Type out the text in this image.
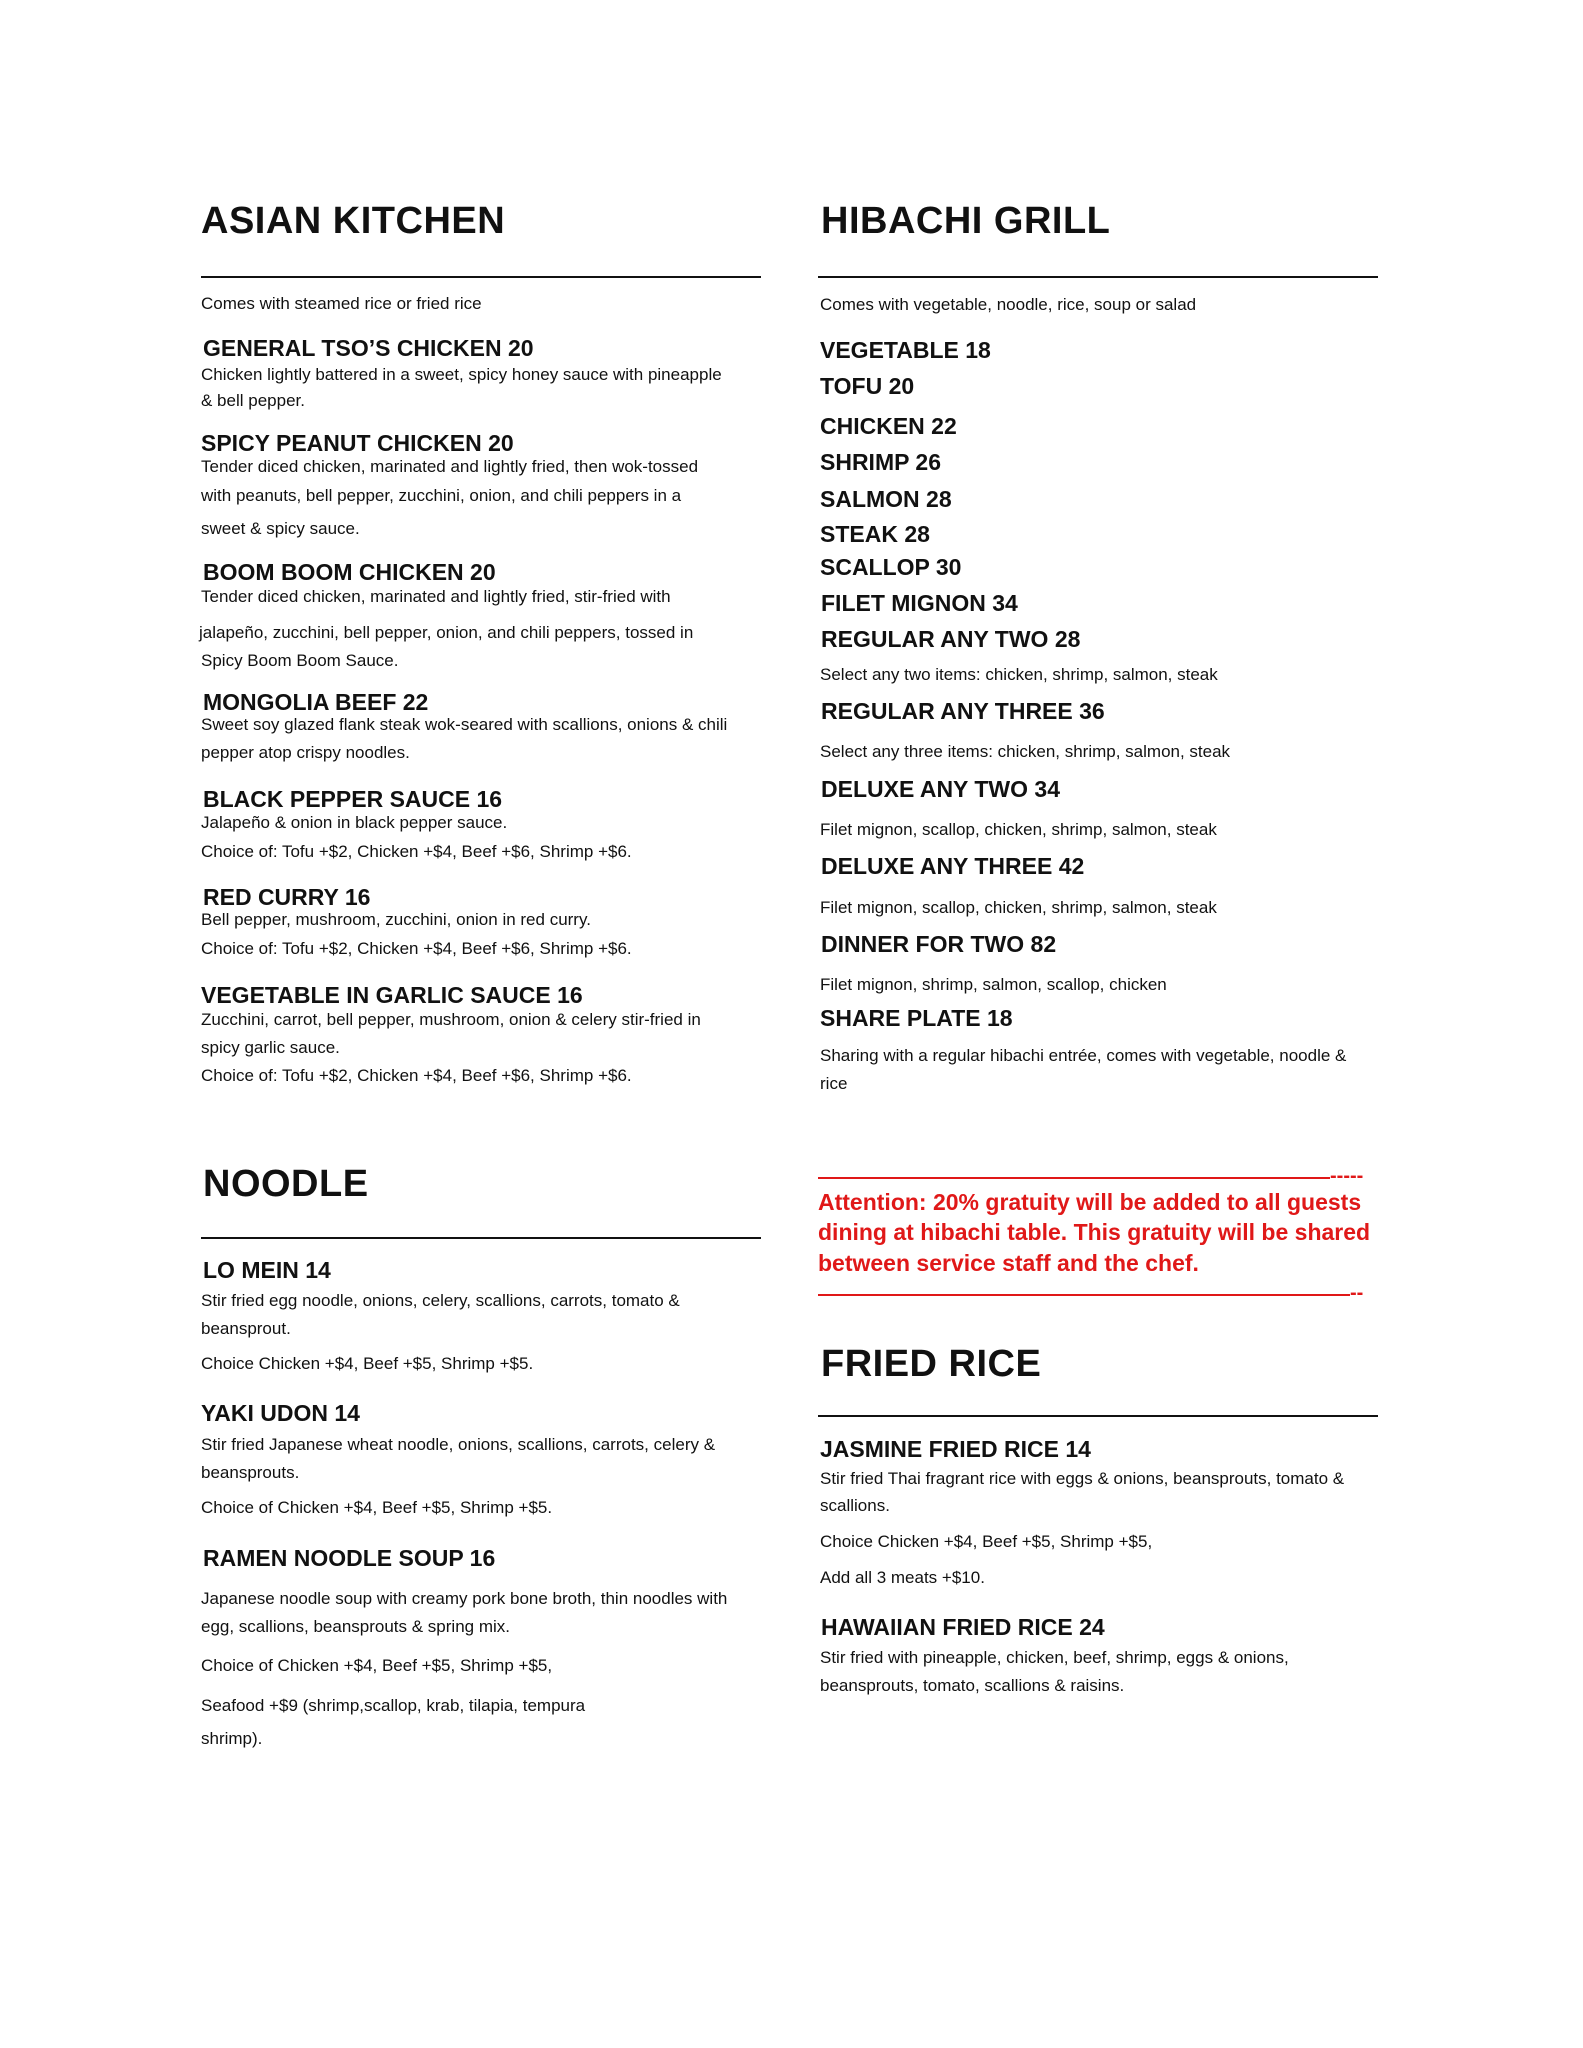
ASIAN KITCHEN

Comes with steamed rice or fried rice

GENERAL TSO’S CHICKEN 20

Chicken lightly battered in a sweet, spicy honey sauce with pineapple

& bell pepper.

SPICY PEANUT CHICKEN 20

Tender diced chicken, marinated and lightly fried, then wok-tossed

with peanuts, bell pepper, zucchini, onion, and chili peppers in a

sweet & spicy sauce.

BOOM BOOM CHICKEN 20

Tender diced chicken, marinated and lightly fried, stir-fried with

jalapeño, zucchini, bell pepper, onion, and chili peppers, tossed in

Spicy Boom Boom Sauce.

MONGOLIA BEEF 22

Sweet soy glazed flank steak wok-seared with scallions, onions & chili

pepper atop crispy noodles.

BLACK PEPPER SAUCE 16

Jalapeño & onion in black pepper sauce.

Choice of: Tofu +$2, Chicken +$4, Beef +$6, Shrimp +$6.

RED CURRY 16

Bell pepper, mushroom, zucchini, onion in red curry.

Choice of: Tofu +$2, Chicken +$4, Beef +$6, Shrimp +$6.

VEGETABLE IN GARLIC SAUCE 16

Zucchini, carrot, bell pepper, mushroom, onion & celery stir-fried in

spicy garlic sauce.

Choice of: Tofu +$2, Chicken +$4, Beef +$6, Shrimp +$6.

HIBACHI GRILL

Comes with vegetable, noodle, rice, soup or salad

VEGETABLE 18

TOFU 20

CHICKEN 22

SHRIMP 26

SALMON 28

STEAK 28

SCALLOP 30

FILET MIGNON 34

REGULAR ANY TWO 28

Select any two items: chicken, shrimp, salmon, steak

REGULAR ANY THREE 36

Select any three items: chicken, shrimp, salmon, steak

DELUXE ANY TWO 34

Filet mignon, scallop, chicken, shrimp, salmon, steak

DELUXE ANY THREE 42

Filet mignon, scallop, chicken, shrimp, salmon, steak

DINNER FOR TWO 82

Filet mignon, shrimp, salmon, scallop, chicken

SHARE PLATE 18

Sharing with a regular hibachi entrée, comes with vegetable, noodle &

rice

NOODLE

LO MEIN 14

Stir fried egg noodle, onions, celery, scallions, carrots, tomato &

beansprout.

Choice Chicken +$4, Beef +$5, Shrimp +$5.

YAKI UDON 14

Stir fried Japanese wheat noodle, onions, scallions, carrots, celery &

beansprouts.

Choice of Chicken +$4, Beef +$5, Shrimp +$5.

RAMEN NOODLE SOUP 16

Japanese noodle soup with creamy pork bone broth, thin noodles with

egg, scallions, beansprouts & spring mix.

Choice of Chicken +$4, Beef +$5, Shrimp +$5,

Seafood +$9 (shrimp,scallop, krab, tilapia, tempura

shrimp).

-----

Attention: 20% gratuity will be added to all guests

dining at hibachi table. This gratuity will be shared

between service staff and the chef.

--
FRIED RICE

JASMINE FRIED RICE 14

Stir fried Thai fragrant rice with eggs & onions, beansprouts, tomato &

scallions.

Choice Chicken +$4, Beef +$5, Shrimp +$5,

Add all 3 meats +$10.

HAWAIIAN FRIED RICE 24

Stir fried with pineapple, chicken, beef, shrimp, eggs & onions,

beansprouts, tomato, scallions & raisins.
